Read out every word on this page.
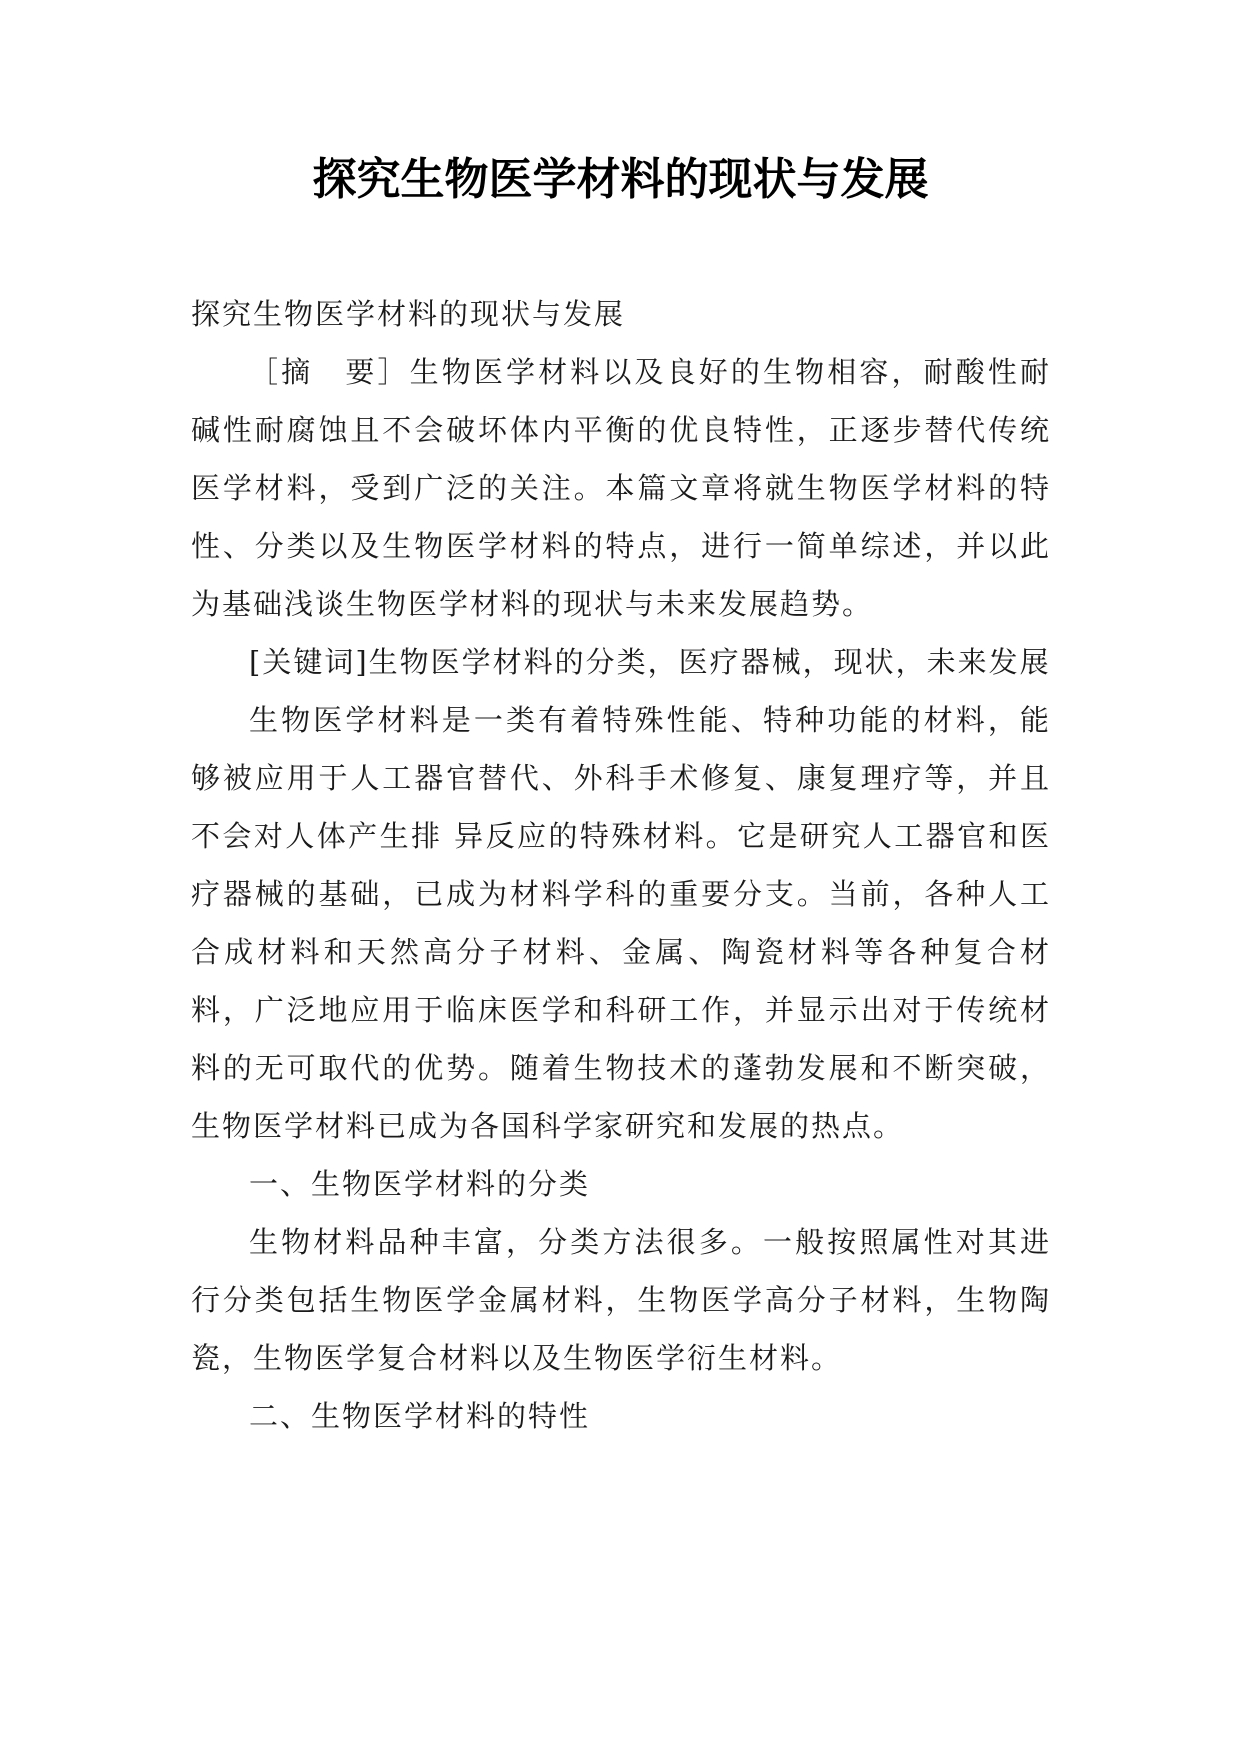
探究生物医学材料的现状与发展

探究生物医学材料的现状与发展

［摘　要］生物医学材料以及良好的生物相容，耐酸性耐碱性耐腐蚀且不会破坏体内平衡的优良特性，正逐步替代传统医学材料，受到广泛的关注。本篇文章将就生物医学材料的特性、分类以及生物医学材料的特点，进行一简单综述，并以此为基础浅谈生物医学材料的现状与未来发展趋势。

[关键词]生物医学材料的分类，医疗器械，现状，未来发展

生物医学材料是一类有着特殊性能、特种功能的材料，能够被应用于人工器官替代、外科手术修复、康复理疗等，并且不会对人体产生排 异反应的特殊材料。它是研究人工器官和医疗器械的基础，已成为材料学科的重要分支。当前，各种人工合成材料和天然高分子材料、金属、陶瓷材料等各种复合材料，广泛地应用于临床医学和科研工作，并显示出对于传统材料的无可取代的优势。随着生物技术的蓬勃发展和不断突破，生物医学材料已成为各国科学家研究和发展的热点。

一、生物医学材料的分类

生物材料品种丰富，分类方法很多。一般按照属性对其进行分类包括生物医学金属材料，生物医学高分子材料，生物陶瓷，生物医学复合材料以及生物医学衍生材料。

二、生物医学材料的特性
